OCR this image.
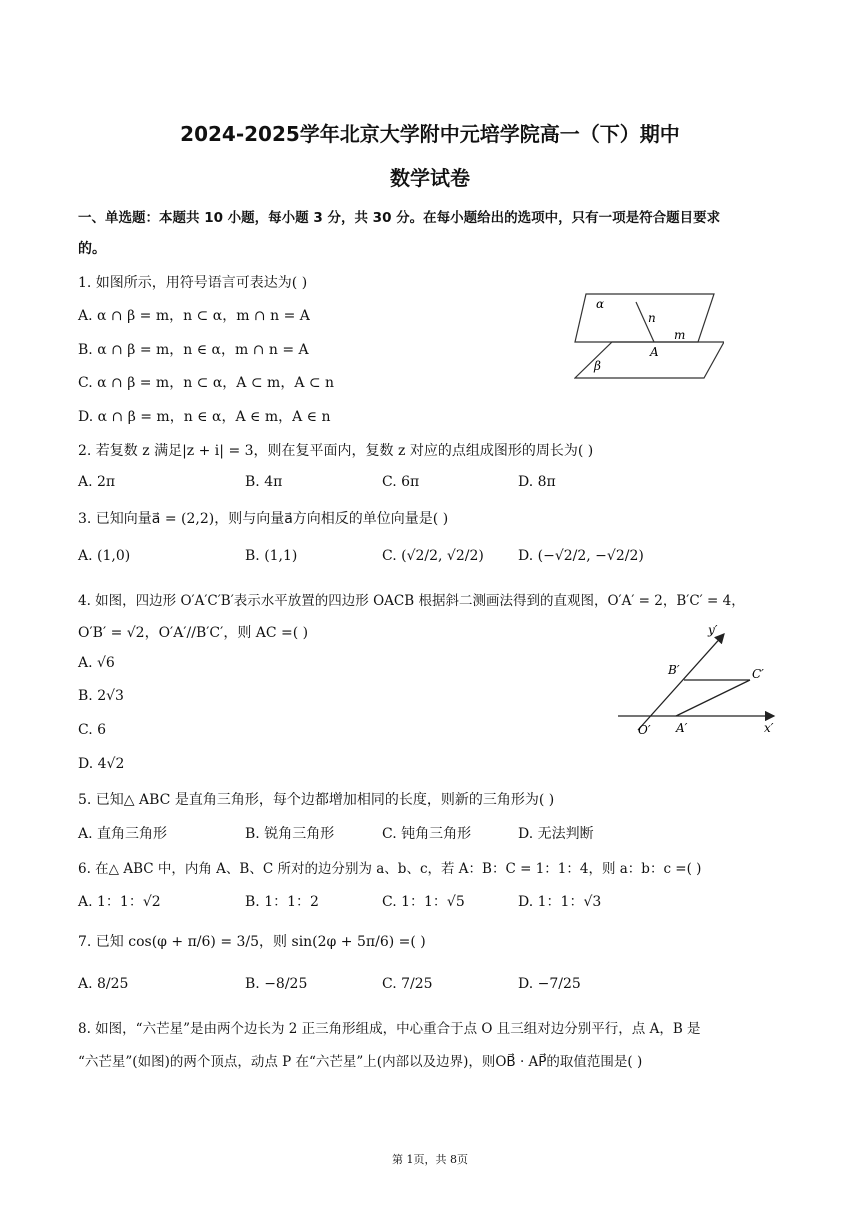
2024-2025学年北京大学附中元培学院高一（下）期中
数学试卷
一、单选题：本题共 10 小题，每小题 3 分，共 30 分。在每小题给出的选项中，只有一项是符合题目要求
的。
1. 如图所示，用符号语言可表达为( )
A. α ∩ β = m，n ⊂ α，m ∩ n = A
B. α ∩ β = m，n ∈ α，m ∩ n = A
C. α ∩ β = m，n ⊂ α，A ⊂ m，A ⊂ n
D. α ∩ β = m，n ∈ α，A ∈ m，A ∈ n
α
β
n
m
A
2. 若复数 z 满足|z + i| = 3，则在复平面内，复数 z 对应的点组成图形的周长为( )
A. 2π	B. 4π	C. 6π	D. 8π
3. 已知向量a⃗ = (2,2)，则与向量a⃗方向相反的单位向量是( )
A. (1,0)	B. (1,1)	C. (√2/2, √2/2) D. (−√2/2, −√2/2)
4. 如图，四边形 O′A′C′B′表示水平放置的四边形 OACB 根据斜二测画法得到的直观图，O′A′ = 2，B′C′ = 4，
O′B′ = √2，O′A′//B′C′，则 AC =( )
A. √6
B. 2√3
C. 6
D. 4√2
y′
x′
O′ A′
B′	C′
5. 已知△ ABC 是直角三角形，每个边都增加相同的长度，则新的三角形为( )
A. 直角三角形	B. 锐角三角形	C. 钝角三角形	D. 无法判断
6. 在△ ABC 中，内角 A、B、C 所对的边分别为 a、b、c，若 A：B：C = 1：1：4，则 a：b：c =( )
A. 1：1：√2	B. 1：1：2	C. 1：1：√5	D. 1：1：√3
7. 已知 cos(φ + π/6) = 3/5，则 sin(2φ + 5π/6) =( )
A. 8/25	B. −8/25	C. 7/25	D. −7/25
8. 如图，“六芒星”是由两个边长为 2 正三角形组成，中心重合于点 O 且三组对边分别平行，点 A，B 是
“六芒星”(如图)的两个顶点，动点 P 在“六芒星”上(内部以及边界)，则OB⃗ · AP⃗的取值范围是( )
第 1页，共 8页
